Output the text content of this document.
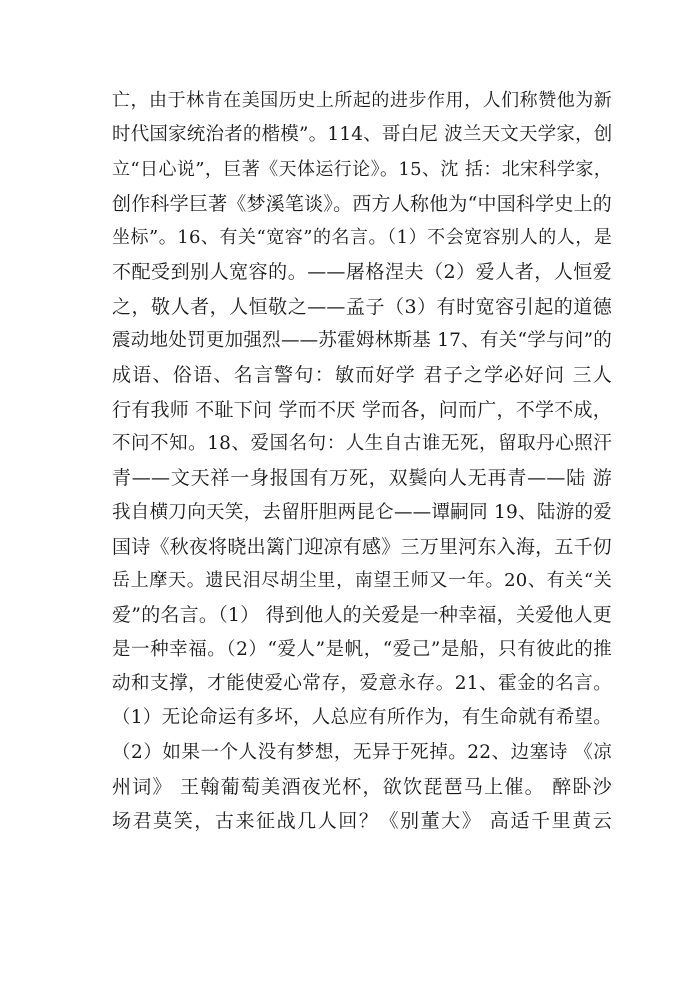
亡，由于林肯在美国历史上所起的进步作用，人们称赞他为新
时代国家统治者的楷模”。114、哥白尼 波兰天文天学家，创
立“日心说”，巨著《天体运行论》。15、沈 括：北宋科学家，
创作科学巨著《梦溪笔谈》。西方人称他为“中国科学史上的
坐标”。16、有关“宽容”的名言。（1）不会宽容别人的人，是
不配受到别人宽容的。——屠格涅夫（2）爱人者，人恒爱
之，敬人者，人恒敬之——孟子（3）有时宽容引起的道德
震动地处罚更加强烈——苏霍姆林斯基 17、有关“学与问”的
成语、俗语、名言警句：敏而好学 君子之学必好问 三人
行有我师 不耻下问 学而不厌 学而各，问而广，不学不成，
不问不知。18、爱国名句：人生自古谁无死，留取丹心照汗
青——文天祥一身报国有万死，双鬓向人无再青——陆 游
我自横刀向天笑，去留肝胆两昆仑——谭嗣同 19、陆游的爱
国诗《秋夜将晓出篱门迎凉有感》三万里河东入海，五千仞
岳上摩天。遗民泪尽胡尘里，南望王师又一年。20、有关“关
爱”的名言。（1） 得到他人的关爱是一种幸福，关爱他人更
是一种幸福。（2）“爱人”是帆，“爱己”是船，只有彼此的推
动和支撑，才能使爱心常存，爱意永存。21、霍金的名言。
（1）无论命运有多坏，人总应有所作为，有生命就有希望。
（2）如果一个人没有梦想，无异于死掉。22、边塞诗 《凉
州词》 王翰葡萄美酒夜光杯，欲饮琵琶马上催。 醉卧沙
场君莫笑，古来征战几人回？《别董大》 高适千里黄云
